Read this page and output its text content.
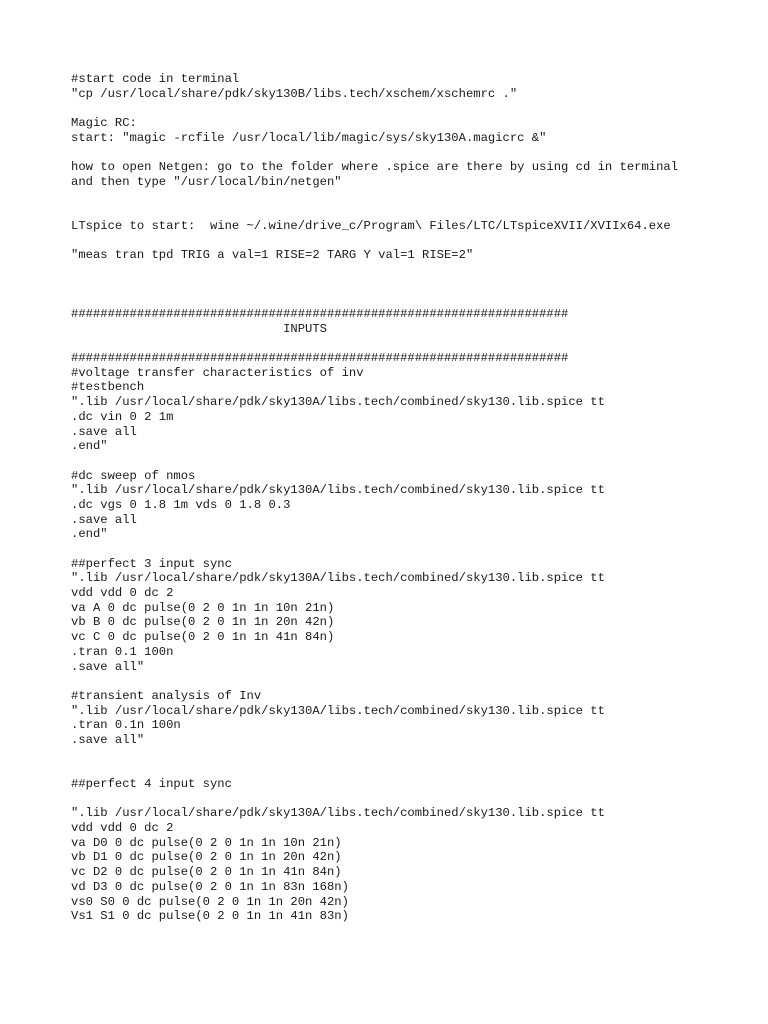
#start code in terminal
"cp /usr/local/share/pdk/sky130B/libs.tech/xschem/xschemrc ."
Magic RC:
start: "magic -rcfile /usr/local/lib/magic/sys/sky130A.magicrc &"
how to open Netgen: go to the folder where .spice are there by using cd in terminal
and then type "/usr/local/bin/netgen"
LTspice to start:  wine ~/.wine/drive_c/Program\ Files/LTC/LTspiceXVII/XVIIx64.exe
"meas tran tpd TRIG a val=1 RISE=2 TARG Y val=1 RISE=2"
####################################################################
INPUTS
####################################################################
#voltage transfer characteristics of inv
#testbench
".lib /usr/local/share/pdk/sky130A/libs.tech/combined/sky130.lib.spice tt
.dc vin 0 2 1m
.save all
.end"
#dc sweep of nmos
".lib /usr/local/share/pdk/sky130A/libs.tech/combined/sky130.lib.spice tt
.dc vgs 0 1.8 1m vds 0 1.8 0.3
.save all
.end"
##perfect 3 input sync
".lib /usr/local/share/pdk/sky130A/libs.tech/combined/sky130.lib.spice tt
vdd vdd 0 dc 2
va A 0 dc pulse(0 2 0 1n 1n 10n 21n)
vb B 0 dc pulse(0 2 0 1n 1n 20n 42n)
vc C 0 dc pulse(0 2 0 1n 1n 41n 84n)
.tran 0.1 100n
.save all"
#transient analysis of Inv
".lib /usr/local/share/pdk/sky130A/libs.tech/combined/sky130.lib.spice tt
.tran 0.1n 100n
.save all"
##perfect 4 input sync
".lib /usr/local/share/pdk/sky130A/libs.tech/combined/sky130.lib.spice tt
vdd vdd 0 dc 2
va D0 0 dc pulse(0 2 0 1n 1n 10n 21n)
vb D1 0 dc pulse(0 2 0 1n 1n 20n 42n)
vc D2 0 dc pulse(0 2 0 1n 1n 41n 84n)
vd D3 0 dc pulse(0 2 0 1n 1n 83n 168n)
vs0 S0 0 dc pulse(0 2 0 1n 1n 20n 42n)
Vs1 S1 0 dc pulse(0 2 0 1n 1n 41n 83n)
